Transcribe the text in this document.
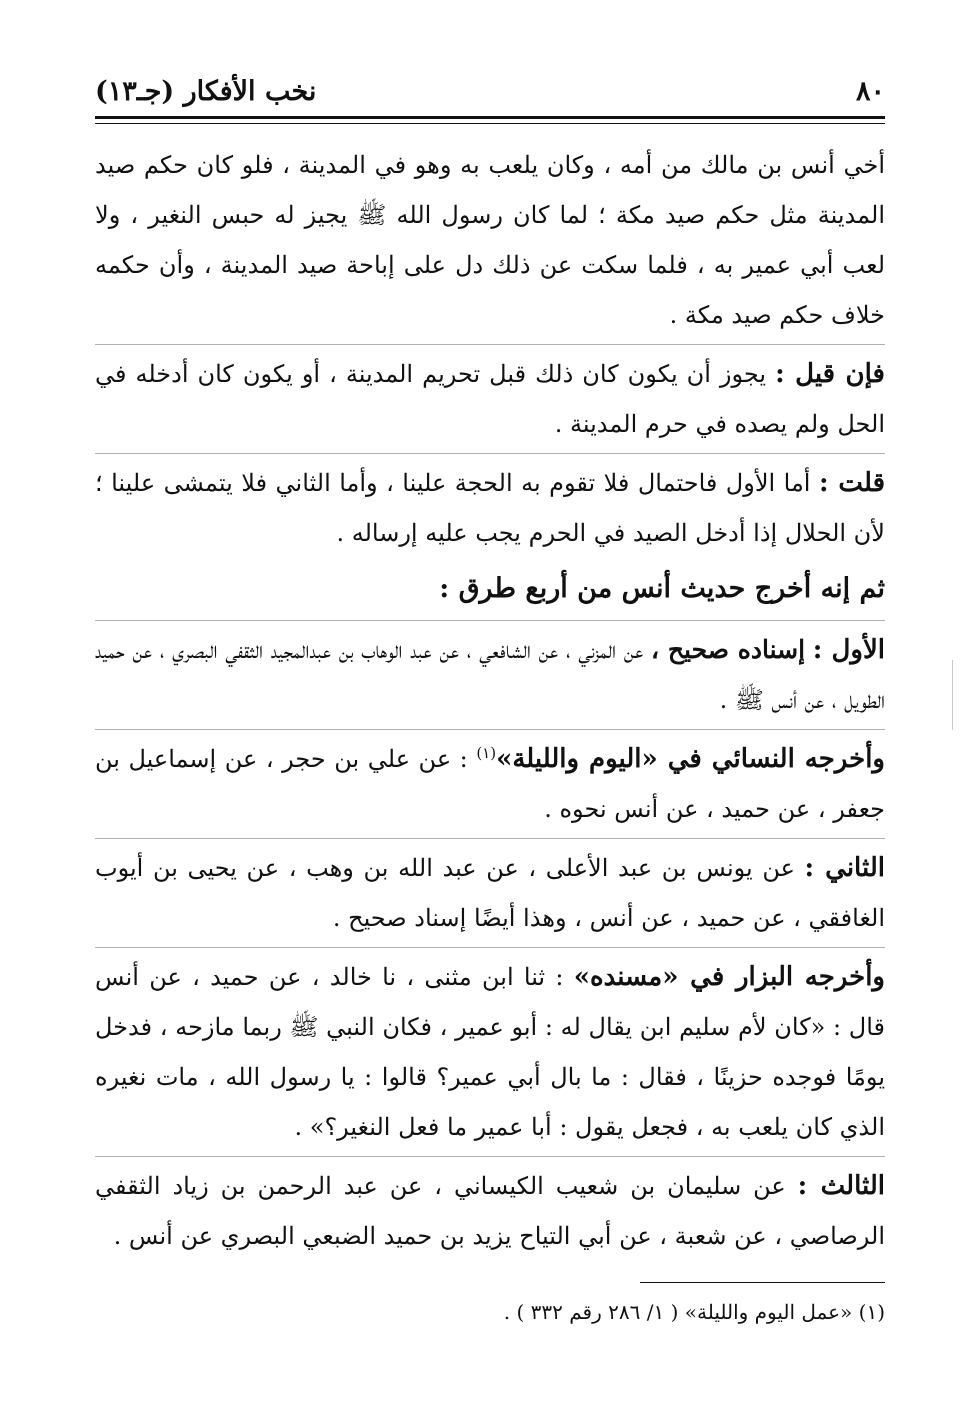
٨٠
نخب الأفكار (جـ١٣)

أخي أنس بن مالك من أمه ، وكان يلعب به وهو في المدينة ، فلو كان حكم صيد المدينة مثل حكم صيد مكة ؛ لما كان رسول الله ﷺ يجيز له حبس النغير ، ولا لعب أبي عمير به ، فلما سكت عن ذلك دل على إباحة صيد المدينة ، وأن حكمه خلاف حكم صيد مكة .

فإن قيل : يجوز أن يكون كان ذلك قبل تحريم المدينة ، أو يكون كان أدخله في الحل ولم يصده في حرم المدينة .

قلت : أما الأول فاحتمال فلا تقوم به الحجة علينا ، وأما الثاني فلا يتمشى علينا ؛ لأن الحلال إذا أدخل الصيد في الحرم يجب عليه إرساله .

ثم إنه أخرج حديث أنس من أربع طرق :

الأول : إسناده صحيح ، عن المزني ، عن الشافعي ، عن عبد الوهاب بن عبدالمجيد الثقفي البصري ، عن حميد الطويل ، عن أنس ﷺ .

وأخرجه النسائي في «اليوم والليلة»$^{(١)}$ : عن علي بن حجر ، عن إسماعيل بن جعفر ، عن حميد ، عن أنس نحوه .

الثاني : عن يونس بن عبد الأعلى ، عن عبد الله بن وهب ، عن يحيى بن أيوب الغافقي ، عن حميد ، عن أنس ، وهذا أيضًا إسناد صحيح .

وأخرجه البزار في «مسنده» : ثنا ابن مثنى ، نا خالد ، عن حميد ، عن أنس قال : «كان لأم سليم ابن يقال له : أبو عمير ، فكان النبي ﷺ ربما مازحه ، فدخل يومًا فوجده حزينًا ، فقال : ما بال أبي عمير؟ قالوا : يا رسول الله ، مات نغيره الذي كان يلعب به ، فجعل يقول : أبا عمير ما فعل النغير؟» .

الثالث : عن سليمان بن شعيب الكيساني ، عن عبد الرحمن بن زياد الثقفي الرصاصي ، عن شعبة ، عن أبي التياح يزيد بن حميد الضبعي البصري عن أنس .

(١) «عمل اليوم والليلة» ( ١/ ٢٨٦ رقم ٣٣٢ ) .
